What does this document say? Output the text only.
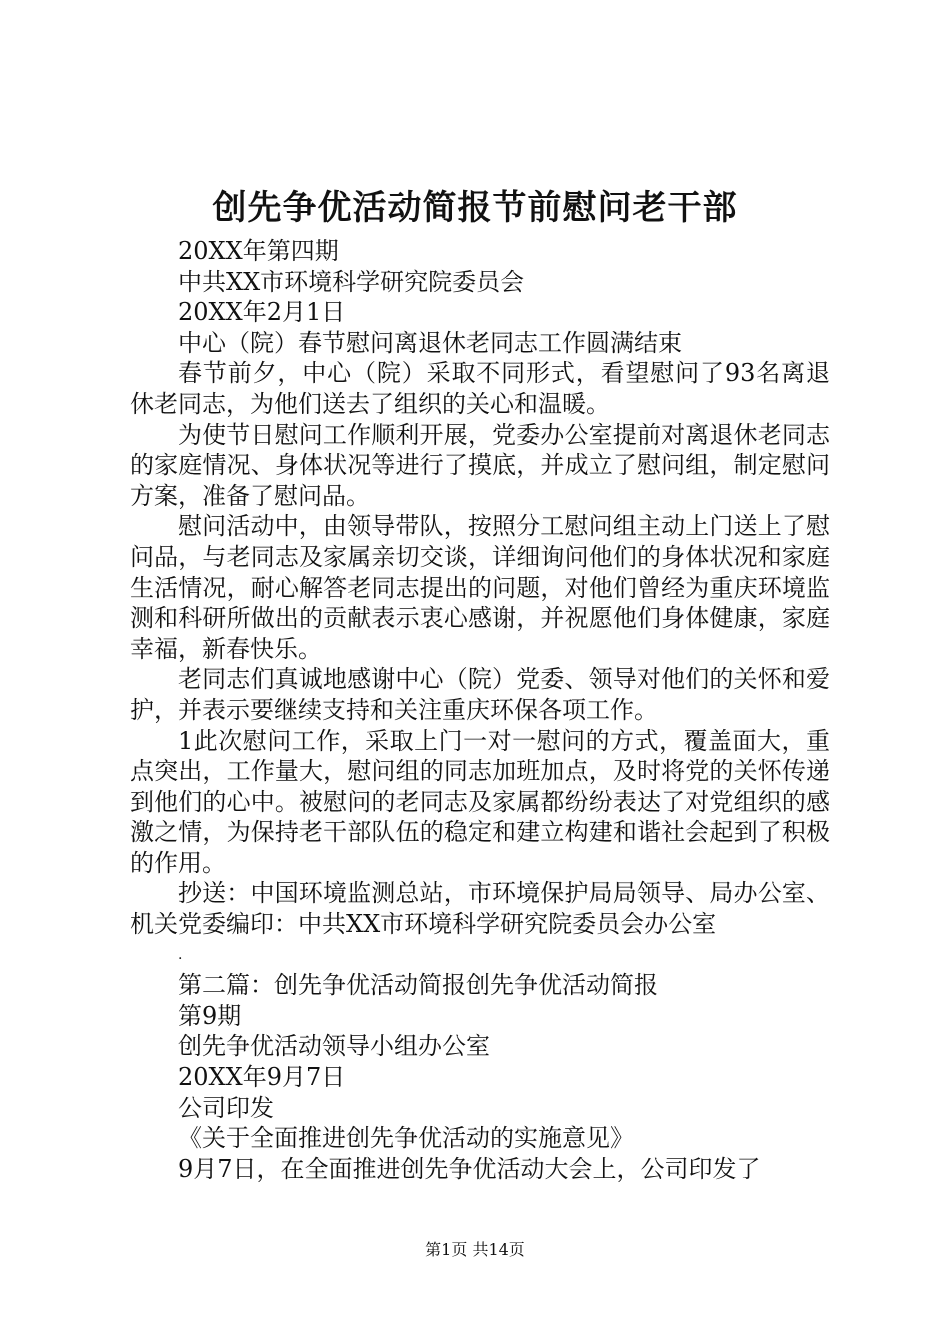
创先争优活动简报节前慰问老干部

20XX年第四期

中共XX市环境科学研究院委员会

20XX年2月1日

中心（院）春节慰问离退休老同志工作圆满结束

春节前夕，中心（院）采取不同形式，看望慰问了93名离退休老同志，为他们送去了组织的关心和温暖。

为使节日慰问工作顺利开展，党委办公室提前对离退休老同志的家庭情况、身体状况等进行了摸底，并成立了慰问组，制定慰问方案，准备了慰问品。

慰问活动中，由领导带队，按照分工慰问组主动上门送上了慰问品，与老同志及家属亲切交谈，详细询问他们的身体状况和家庭生活情况，耐心解答老同志提出的问题，对他们曾经为重庆环境监测和科研所做出的贡献表示衷心感谢，并祝愿他们身体健康，家庭幸福，新春快乐。

老同志们真诚地感谢中心（院）党委、领导对他们的关怀和爱护，并表示要继续支持和关注重庆环保各项工作。

1此次慰问工作，采取上门一对一慰问的方式，覆盖面大，重点突出，工作量大，慰问组的同志加班加点，及时将党的关怀传递到他们的心中。被慰问的老同志及家属都纷纷表达了对党组织的感激之情，为保持老干部队伍的稳定和建立构建和谐社会起到了积极的作用。

抄送：中国环境监测总站，市环境保护局局领导、局办公室、机关党委编印：中共XX市环境科学研究院委员会办公室

.

第二篇：创先争优活动简报创先争优活动简报

第9期

创先争优活动领导小组办公室

20XX年9月7日

公司印发

《关于全面推进创先争优活动的实施意见》

9月7日，在全面推进创先争优活动大会上，公司印发了

第1页 共14页
